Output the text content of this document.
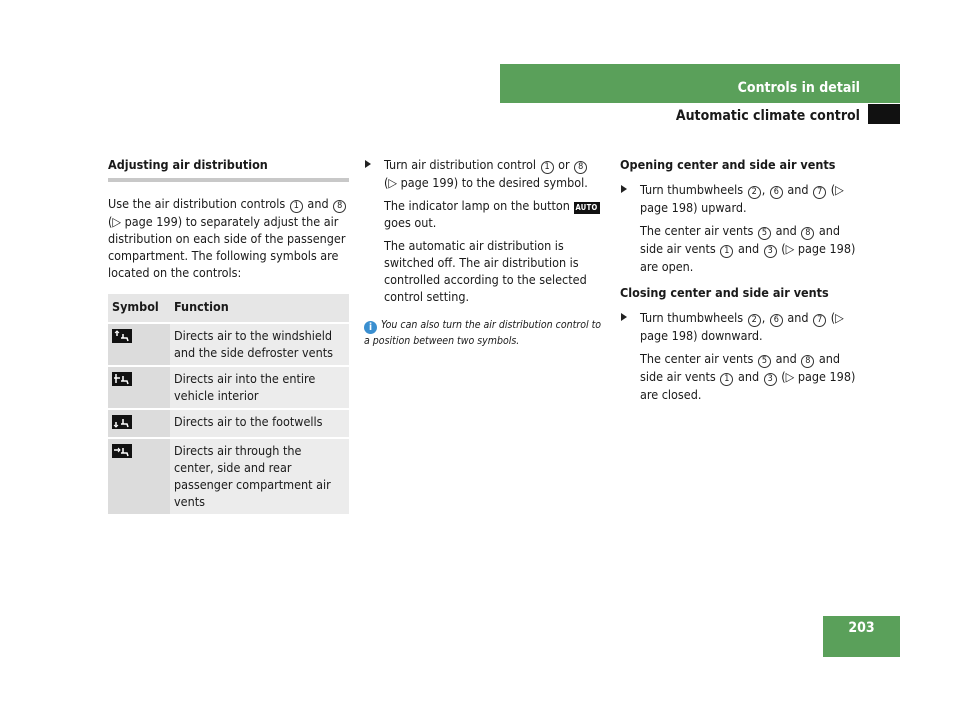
Controls in detail
Automatic climate control

Adjusting air distribution

Use the air distribution controls 1 and 8 (▷ page 199) to separately adjust the air distribution on each side of the passenger compartment. The following symbols are located on the controls:

Symbol	Function

	Directs air to the windshield and the side defroster vents

	Directs air into the entire vehicle interior

	Directs air to the footwells

	Directs air through the center, side and rear passenger compartment air vents

Turn air distribution control 1 or 8 (▷ page 199) to the desired symbol.

The indicator lamp on the button AUTO goes out.

The automatic air distribution is switched off. The air distribution is controlled according to the selected control setting.

i You can also turn the air distribution control to a position between two symbols.

Opening center and side air vents

Turn thumbwheels 2 , 6 and 7 (▷ page 198) upward.

The center air vents 5 and 8 and side air vents 1 and 3 (▷ page 198) are open.

Closing center and side air vents

Turn thumbwheels 2 , 6 and 7 (▷ page 198) downward.

The center air vents 5 and 8 and side air vents 1 and 3 (▷ page 198) are closed.

203
